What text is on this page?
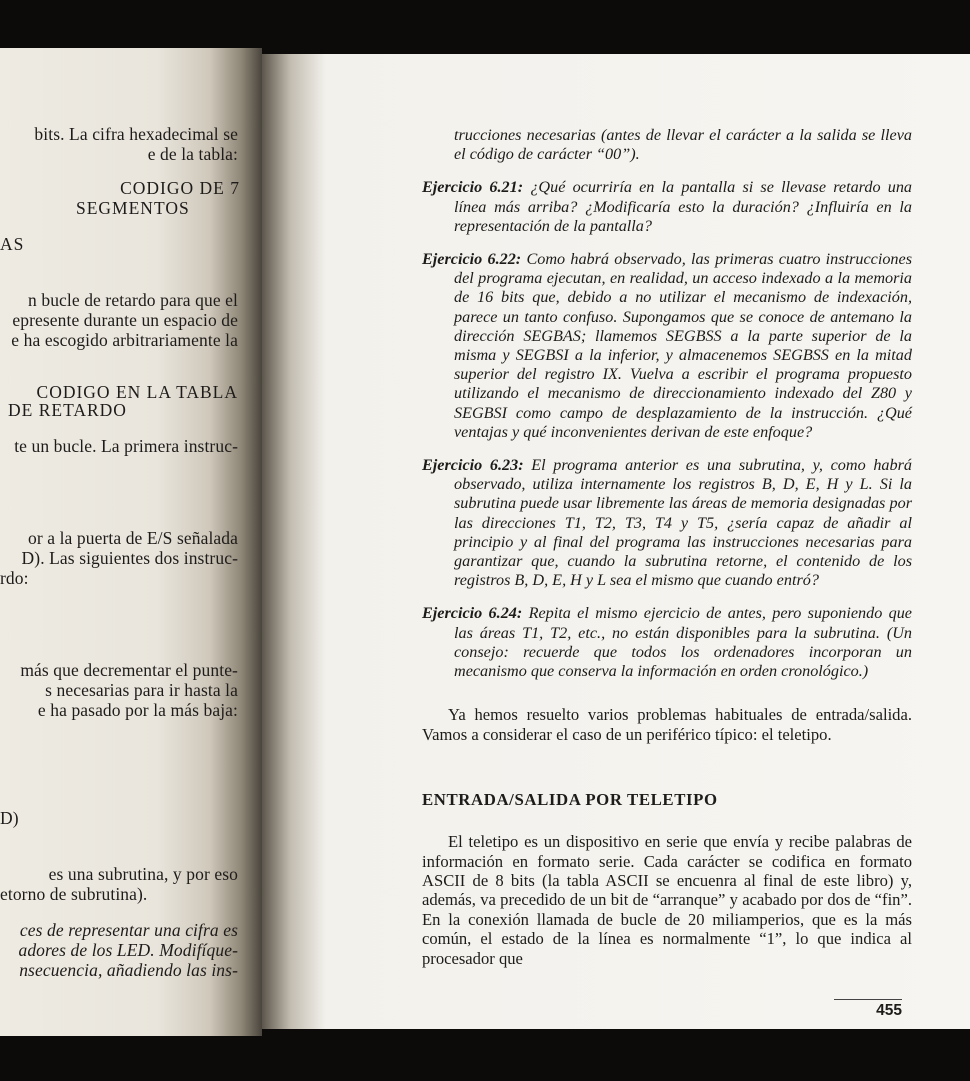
bits. La cifra hexadecimal se
e de la tabla:
CODIGO DE 7
SEGMENTOS
AS
n bucle de retardo para que el
epresente durante un espacio de
e ha escogido arbitrariamente la
CODIGO EN LA TABLA
DE RETARDO
te un bucle. La primera instruc-
or a la puerta de E/S señalada
D). Las siguientes dos instruc-
rdo:
más que decrementar el punte-
s necesarias para ir hasta la
e ha pasado por la más baja:
D)
es una subrutina, y por eso
etorno de subrutina).
ces de representar una cifra es
adores de los LED. Modifíque-
nsecuencia, añadiendo las ins-

trucciones necesarias (antes de llevar el carácter a la salida se lleva el código de carácter “00”).

Ejercicio 6.21: ¿Qué ocurriría en la pantalla si se llevase retardo una línea más arriba? ¿Modificaría esto la duración? ¿Influiría en la representación de la pantalla?

Ejercicio 6.22: Como habrá observado, las primeras cuatro instrucciones del programa ejecutan, en realidad, un acceso indexado a la memoria de 16 bits que, debido a no utilizar el mecanismo de indexación, parece un tanto confuso. Supongamos que se conoce de antemano la dirección SEGBAS; llamemos SEGBSS a la parte superior de la misma y SEGBSI a la inferior, y almacenemos SEGBSS en la mitad superior del registro IX. Vuelva a escribir el programa propuesto utilizando el mecanismo de direccionamiento indexado del Z80 y SEGBSI como campo de desplazamiento de la instrucción. ¿Qué ventajas y qué inconvenientes derivan de este enfoque?

Ejercicio 6.23: El programa anterior es una subrutina, y, como habrá observado, utiliza internamente los registros B, D, E, H y L. Si la subrutina puede usar libremente las áreas de memoria designadas por las direcciones T1, T2, T3, T4 y T5, ¿sería capaz de añadir al principio y al final del programa las instrucciones necesarias para garantizar que, cuando la subrutina retorne, el contenido de los registros B, D, E, H y L sea el mismo que cuando entró?

Ejercicio 6.24: Repita el mismo ejercicio de antes, pero suponiendo que las áreas T1, T2, etc., no están disponibles para la subrutina. (Un consejo: recuerde que todos los ordenadores incorporan un mecanismo que conserva la información en orden cronológico.)

Ya hemos resuelto varios problemas habituales de entrada/salida. Vamos a considerar el caso de un periférico típico: el teletipo.

ENTRADA/SALIDA POR TELETIPO

El teletipo es un dispositivo en serie que envía y recibe palabras de información en formato serie. Cada carácter se codifica en formato ASCII de 8 bits (la tabla ASCII se encuenra al final de este libro) y, además, va precedido de un bit de “arranque” y acabado por dos de “fin”. En la conexión llamada de bucle de 20 miliamperios, que es la más común, el estado de la línea es normalmente “1”, lo que indica al procesador que

455
